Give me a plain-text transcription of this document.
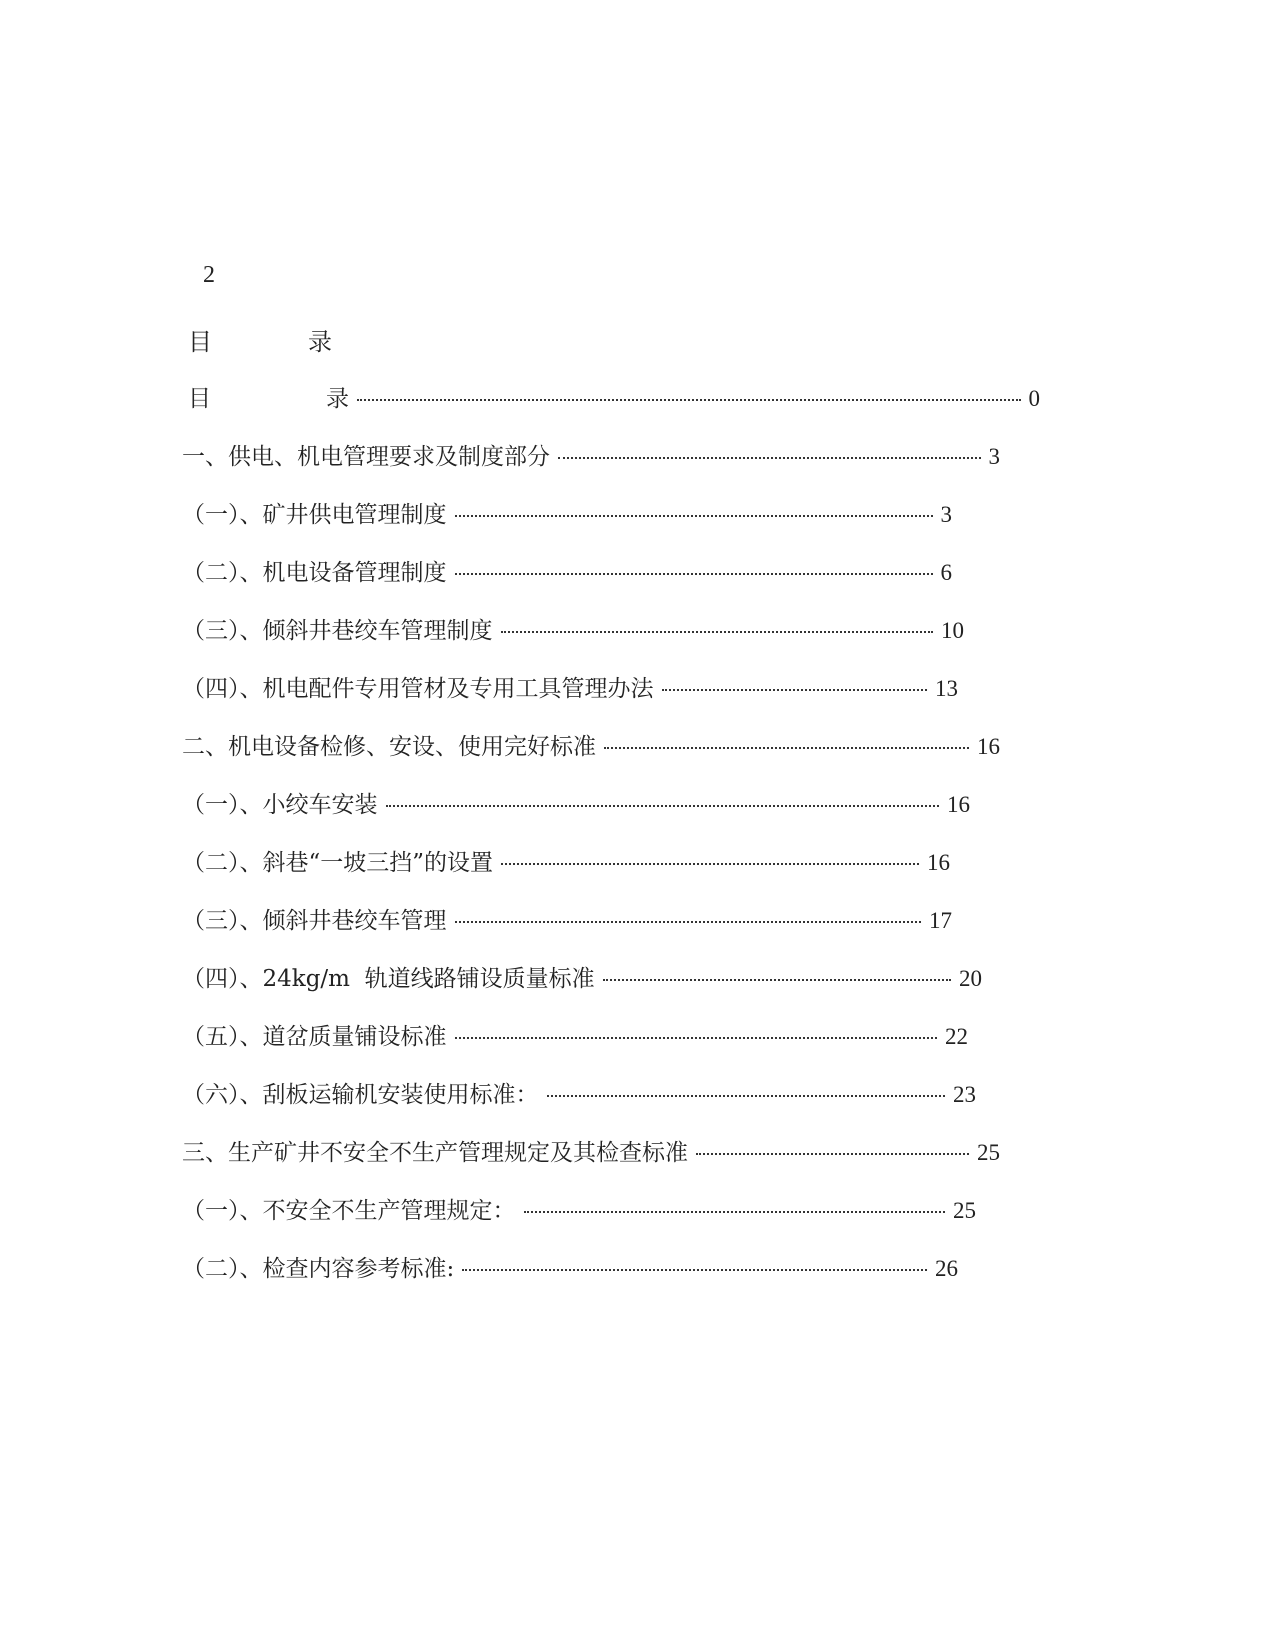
2
目	录
目　　　　　录	0
一、供电、机电管理要求及制度部分	3
（一）、矿井供电管理制度	3
（二）、机电设备管理制度	6
（三）、倾斜井巷绞车管理制度	10
（四）、机电配件专用管材及专用工具管理办法	13
二、机电设备检修、安设、使用完好标准	16
（一）、小绞车安装	16
（二）、斜巷“一坡三挡”的设置	16
（三）、倾斜井巷绞车管理	17
（四）、24kg/m  轨道线路铺设质量标准	20
（五）、道岔质量铺设标准	22
（六）、刮板运输机安装使用标准：	23
三、生产矿井不安全不生产管理规定及其检查标准	25
（一）、不安全不生产管理规定：	25
（二）、检查内容参考标准:	26
